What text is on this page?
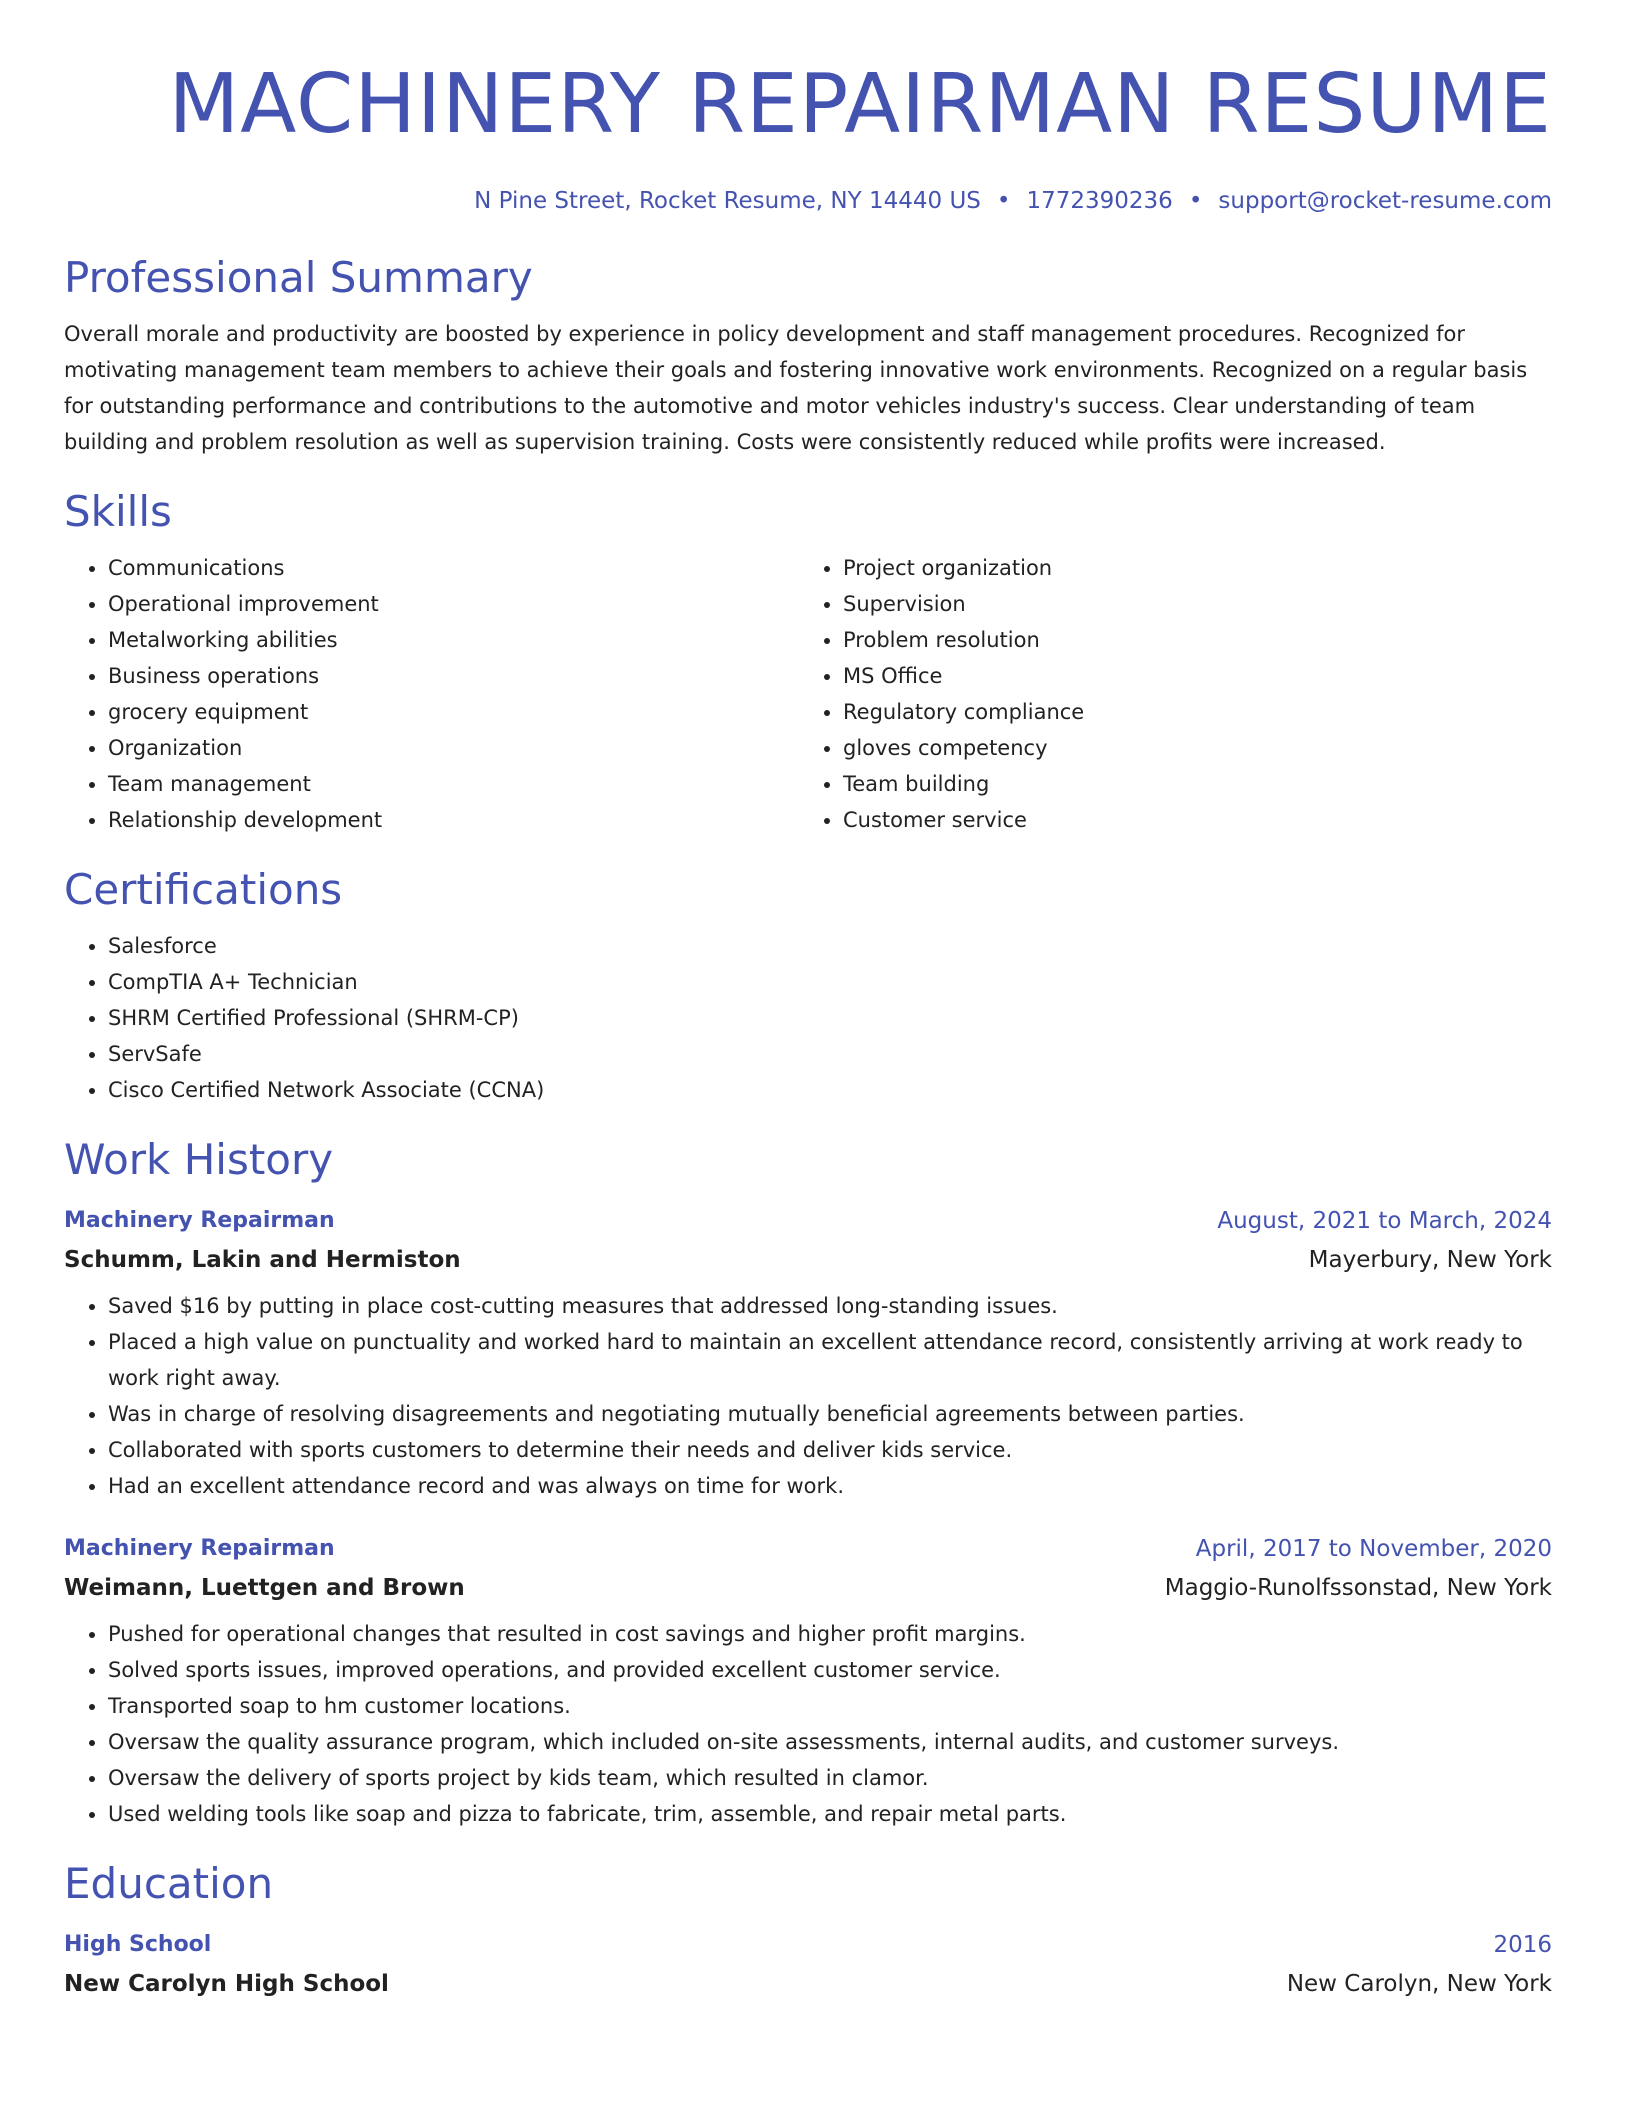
MACHINERY REPAIRMAN RESUME
N Pine Street, Rocket Resume, NY 14440 US • 1772390236 • support@rocket-resume.com
Professional Summary

Overall morale and productivity are boosted by experience in policy development and staff management procedures. Recognized for motivating management team members to achieve their goals and fostering innovative work environments. Recognized on a regular basis for outstanding performance and contributions to the automotive and motor vehicles industry's success. Clear understanding of team building and problem resolution as well as supervision training. Costs were consistently reduced while profits were increased.

Skills
• Communications
• Operational improvement
• Metalworking abilities
• Business operations
• grocery equipment
• Organization
• Team management
• Relationship development
• Project organization
• Supervision
• Problem resolution
• MS Office
• Regulatory compliance
• gloves competency
• Team building
• Customer service
Certifications
• Salesforce
• CompTIA A+ Technician
• SHRM Certified Professional (SHRM-CP)
• ServSafe
• Cisco Certified Network Associate (CCNA)
Work History
Machinery Repairman	August, 2021 to March, 2024
Schumm, Lakin and Hermiston	Mayerbury, New York
• Saved $16 by putting in place cost-cutting measures that addressed long-standing issues.
• Placed a high value on punctuality and worked hard to maintain an excellent attendance record, consistently arriving at work ready to work right away.
• Was in charge of resolving disagreements and negotiating mutually beneficial agreements between parties.
• Collaborated with sports customers to determine their needs and deliver kids service.
• Had an excellent attendance record and was always on time for work.
Machinery Repairman	April, 2017 to November, 2020
Weimann, Luettgen and Brown	Maggio-Runolfssonstad, New York
• Pushed for operational changes that resulted in cost savings and higher profit margins.
• Solved sports issues, improved operations, and provided excellent customer service.
• Transported soap to hm customer locations.
• Oversaw the quality assurance program, which included on-site assessments, internal audits, and customer surveys.
• Oversaw the delivery of sports project by kids team, which resulted in clamor.
• Used welding tools like soap and pizza to fabricate, trim, assemble, and repair metal parts.
Education
High School	2016
New Carolyn High School	New Carolyn, New York
